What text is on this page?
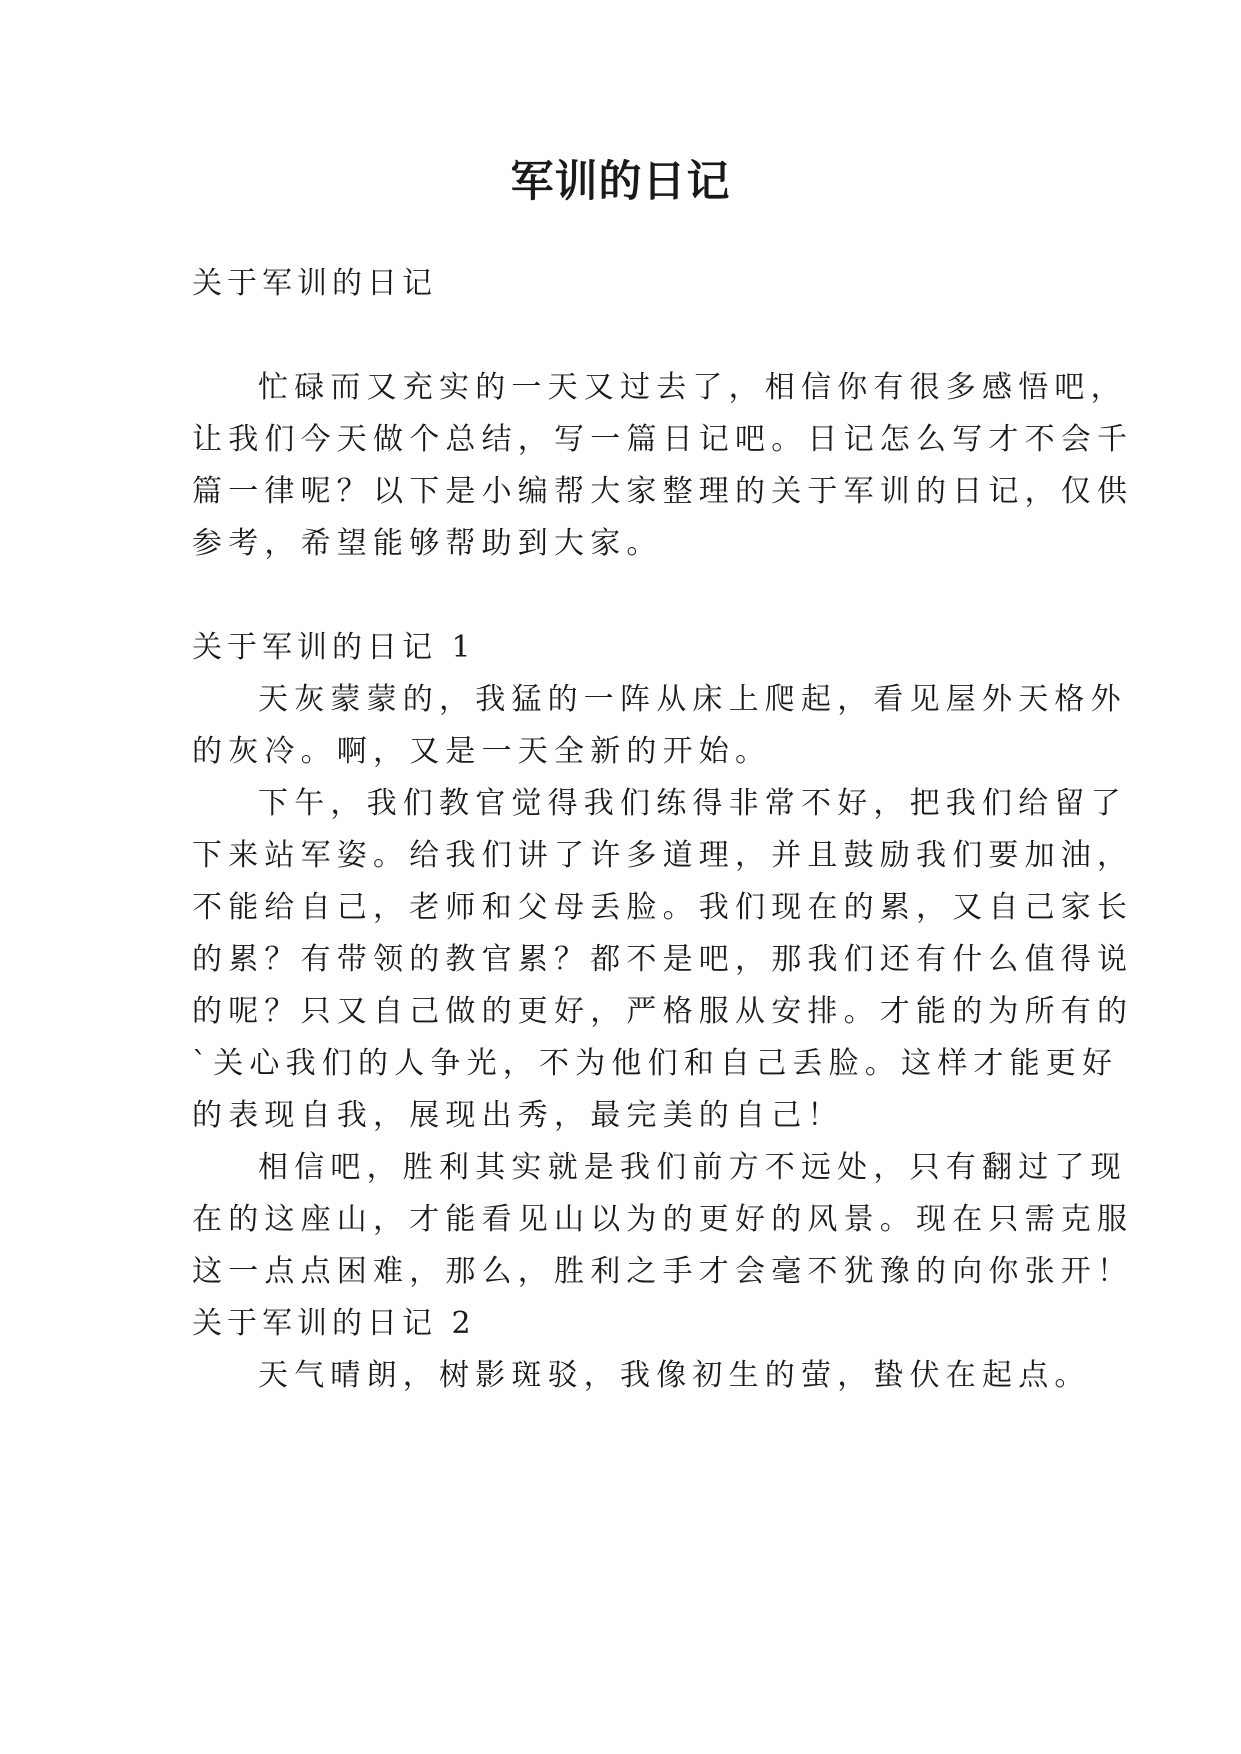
军训的日记
关于军训的日记
忙碌而又充实的一天又过去了，相信你有很多感悟吧，
让我们今天做个总结，写一篇日记吧。日记怎么写才不会千
篇一律呢？以下是小编帮大家整理的关于军训的日记，仅供
参考，希望能够帮助到大家。
关于军训的日记 1
天灰蒙蒙的，我猛的一阵从床上爬起，看见屋外天格外
的灰冷。啊，又是一天全新的开始。
下午，我们教官觉得我们练得非常不好，把我们给留了
下来站军姿。给我们讲了许多道理，并且鼓励我们要加油，
不能给自己，老师和父母丢脸。我们现在的累，又自己家长
的累？有带领的教官累？都不是吧，那我们还有什么值得说
的呢？只又自己做的更好，严格服从安排。才能的为所有的
`关心我们的人争光，不为他们和自己丢脸。这样才能更好
的表现自我，展现出秀，最完美的自己！
相信吧，胜利其实就是我们前方不远处，只有翻过了现
在的这座山，才能看见山以为的更好的风景。现在只需克服
这一点点困难，那么，胜利之手才会毫不犹豫的向你张开！
关于军训的日记 2
天气晴朗，树影斑驳，我像初生的萤，蛰伏在起点。
